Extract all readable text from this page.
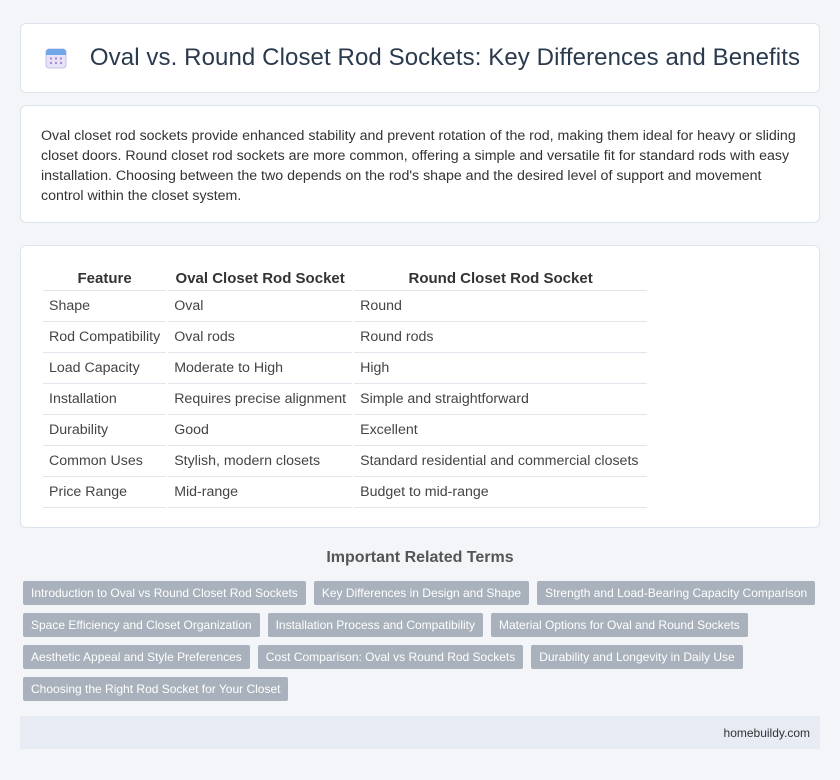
Oval vs. Round Closet Rod Sockets: Key Differences and Benefits

Oval closet rod sockets provide enhanced stability and prevent rotation of the rod, making them ideal for heavy or sliding closet doors. Round closet rod sockets are more common, offering a simple and versatile fit for standard rods with easy installation. Choosing between the two depends on the rod's shape and the desired level of support and movement control within the closet system.

Feature	Oval Closet Rod Socket	Round Closet Rod Socket
Shape	Oval	Round
Rod Compatibility	Oval rods	Round rods
Load Capacity	Moderate to High	High
Installation	Requires precise alignment	Simple and straightforward
Durability	Good	Excellent
Common Uses	Stylish, modern closets	Standard residential and commercial closets
Price Range	Mid-range	Budget to mid-range
Important Related Terms
Introduction to Oval vs Round Closet Rod Sockets	Key Differences in Design and Shape	Strength and Load-Bearing Capacity Comparison
Space Efficiency and Closet Organization	Installation Process and Compatibility	Material Options for Oval and Round Sockets
Aesthetic Appeal and Style Preferences	Cost Comparison: Oval vs Round Rod Sockets	Durability and Longevity in Daily Use
Choosing the Right Rod Socket for Your Closet
homebuildy.com
